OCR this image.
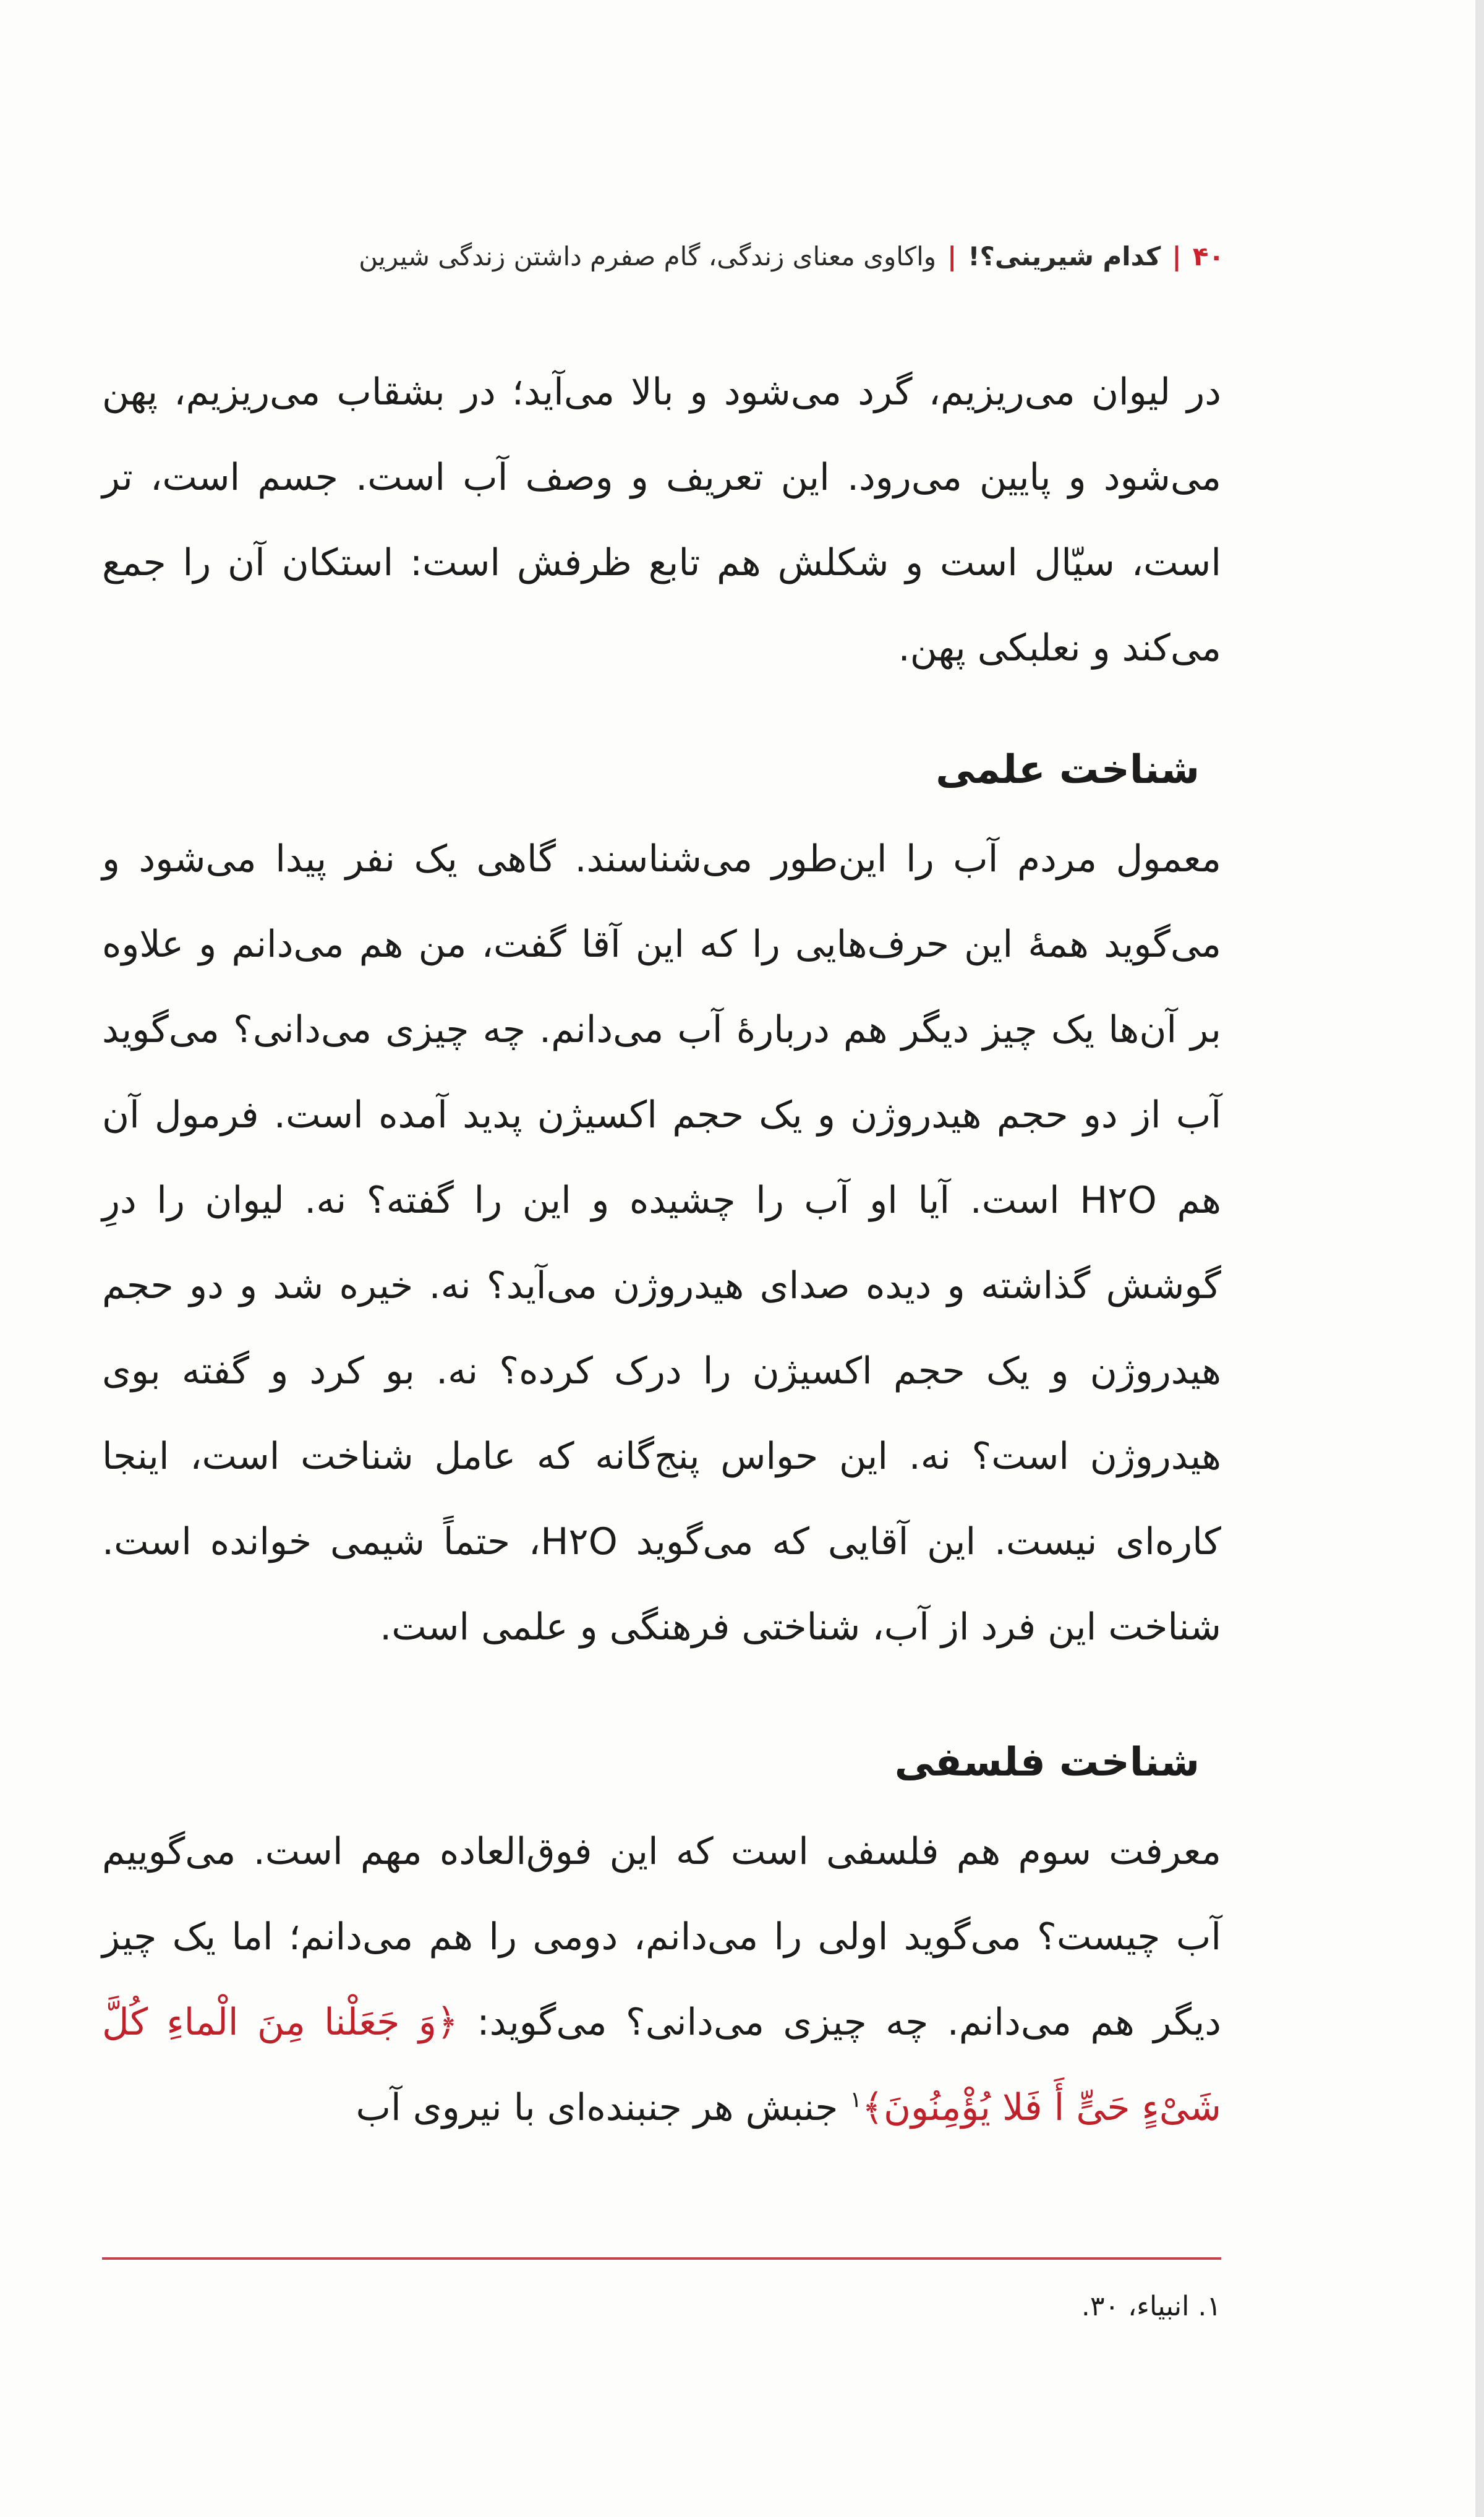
۴۰|کدام شیرینی؟!|واکاوی معنای زندگی، گام صفرم داشتن زندگی شیرین

در لیوان می‌ریزیم، گرد می‌شود و بالا می‌آید؛ در بشقاب می‌ریزیم، پهن می‌شود و پایین می‌رود. این تعریف و وصف آب است. جسم است، تر است، سیّال است و شکلش هم تابع ظرفش است: استکان آن را جمع می‌کند و نعلبکی پهن.

شناخت علمی

معمول مردم آب را این‌طور می‌شناسند. گاهی یک نفر پیدا می‌شود و می‌گوید همهٔ این حرف‌هایی را که این آقا گفت، من هم می‌دانم و علاوه بر آن‌ها یک چیز دیگر هم دربارهٔ آب می‌دانم. چه چیزی می‌دانی؟ می‌گوید آب از دو حجم هیدروژن و یک حجم اکسیژن پدید آمده است. فرمول آن هم H۲O است. آیا او آب را چشیده و این را گفته؟ نه. لیوان را درِ گوشش گذاشته و دیده صدای هیدروژن می‌آید؟ نه. خیره شد و دو حجم هیدروژن و یک حجم اکسیژن را درک کرده؟ نه. بو کرد و گفته بوی هیدروژن است؟ نه. این حواس پنج‌گانه که عامل شناخت است، اینجا کاره‌ای نیست. این آقایی که می‌گوید H۲O، حتماً شیمی خوانده است. شناخت این فرد از آب، شناختی فرهنگی و علمی است.

شناخت فلسفی

معرفت سوم هم فلسفی است که این فوق‌العاده مهم است. می‌گوییم آب چیست؟ می‌گوید اولی را می‌دانم، دومی را هم می‌دانم؛ اما یک چیز دیگر هم می‌دانم. چه چیزی می‌دانی؟ می‌گوید: ﴿وَ جَعَلْنا مِنَ الْماءِ کُلَّ شَیْ‌ءٍ حَیٍّ أَ فَلا یُؤْمِنُونَ﴾$^۱$ جنبش هر جنبنده‌ای با نیروی آب

۱. انبیاء، ۳۰.
